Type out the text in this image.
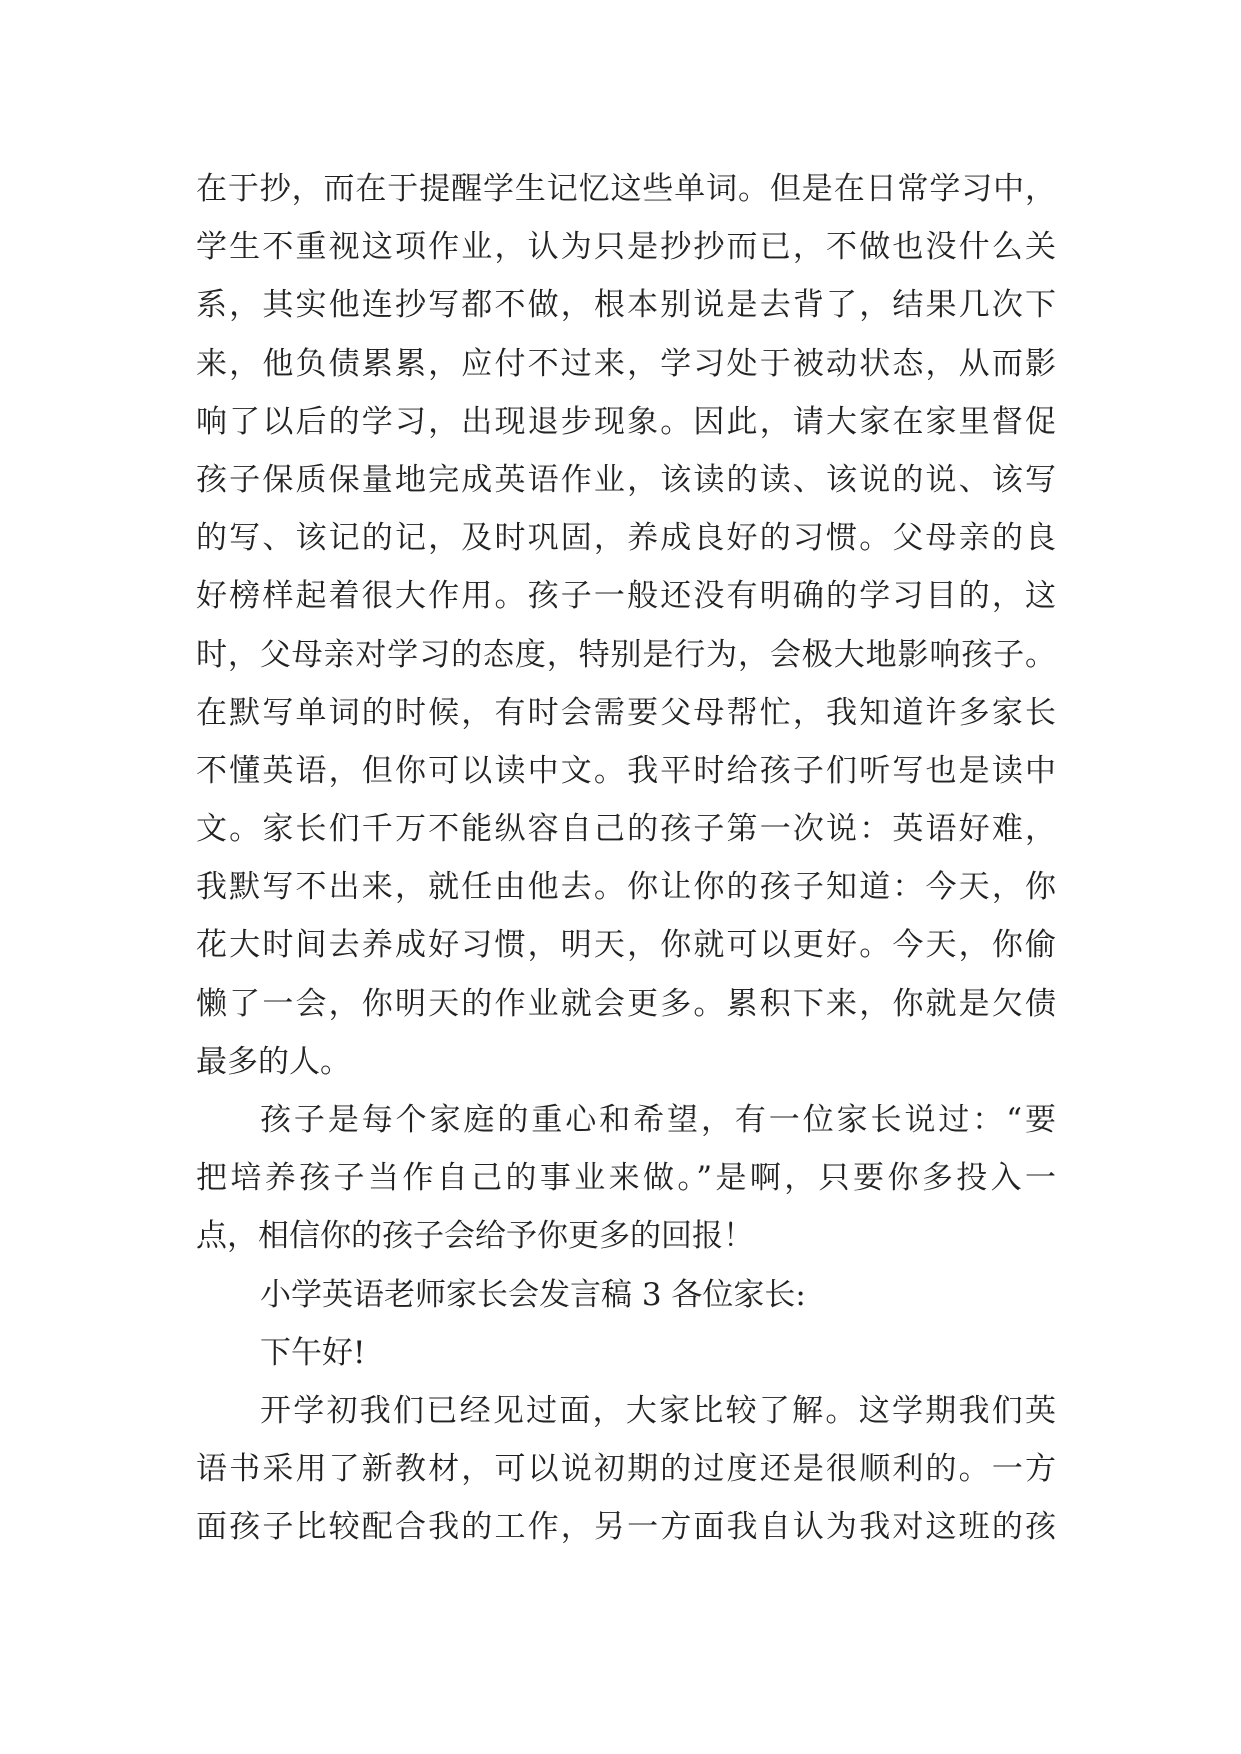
在于抄，而在于提醒学生记忆这些单词。但是在日常学习中，
学生不重视这项作业，认为只是抄抄而已，不做也没什么关
系，其实他连抄写都不做，根本别说是去背了，结果几次下
来，他负债累累，应付不过来，学习处于被动状态，从而影
响了以后的学习，出现退步现象。因此，请大家在家里督促
孩子保质保量地完成英语作业，该读的读、该说的说、该写
的写、该记的记，及时巩固，养成良好的习惯。父母亲的良
好榜样起着很大作用。孩子一般还没有明确的学习目的，这
时，父母亲对学习的态度，特别是行为，会极大地影响孩子。
在默写单词的时候，有时会需要父母帮忙，我知道许多家长
不懂英语，但你可以读中文。我平时给孩子们听写也是读中
文。家长们千万不能纵容自己的孩子第一次说：英语好难，
我默写不出来，就任由他去。你让你的孩子知道：今天，你
花大时间去养成好习惯，明天，你就可以更好。今天，你偷
懒了一会，你明天的作业就会更多。累积下来，你就是欠债
最多的人。
孩子是每个家庭的重心和希望，有一位家长说过：“要
把培养孩子当作自己的事业来做。”是啊，只要你多投入一
点，相信你的孩子会给予你更多的回报！
小学英语老师家长会发言稿 3 各位家长:
下午好!
开学初我们已经见过面，大家比较了解。这学期我们英
语书采用了新教材，可以说初期的过度还是很顺利的。一方
面孩子比较配合我的工作，另一方面我自认为我对这班的孩
